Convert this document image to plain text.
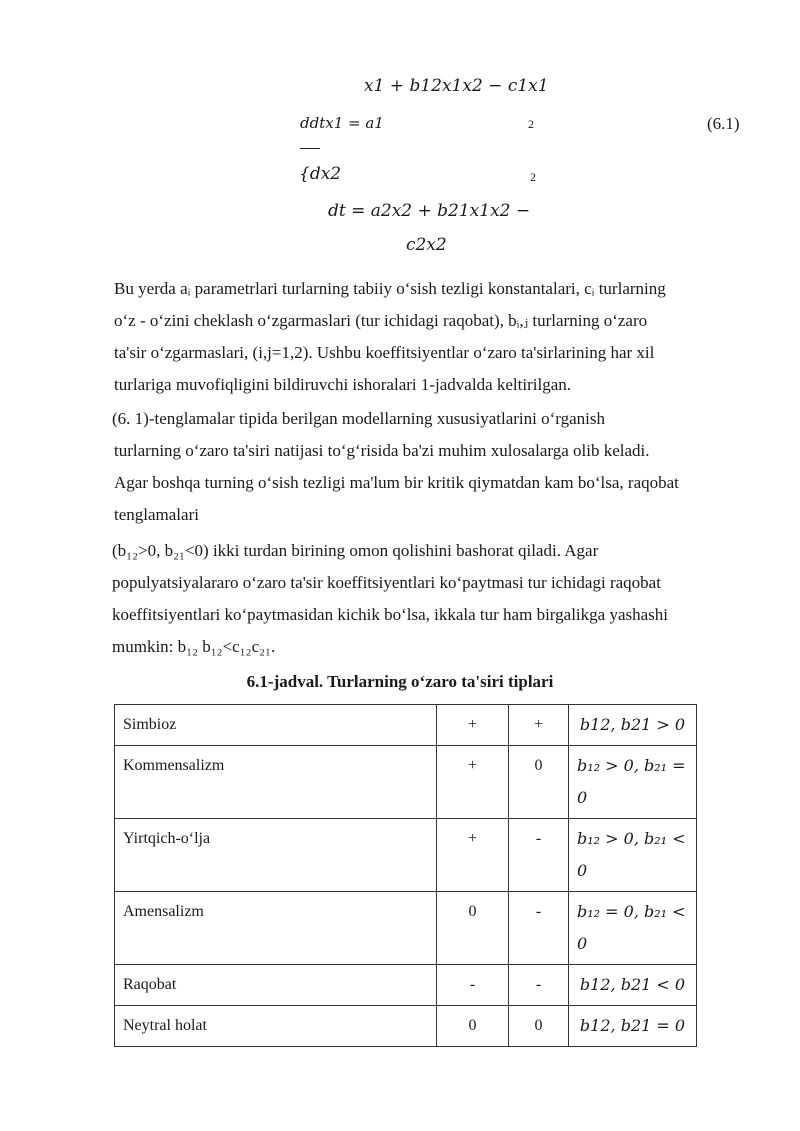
x1 + b12x1x2 − c1x1
ddtx1 = a1	2	(6.1)
{dx2	2
dt = a2x2 + b21x1x2 −
c2x2
Bu yerda aᵢ parametrlari turlarning tabiiy o‘sish tezligi konstantalari, cᵢ turlarning
o‘z - o‘zini cheklash o‘zgarmaslari (tur ichidagi raqobat), bᵢ,ⱼ turlarning o‘zaro
ta'sir o‘zgarmaslari, (i,j=1,2). Ushbu koeffitsiyentlar o‘zaro ta'sirlarining har xil
turlariga muvofiqligini bildiruvchi ishoralari 1-jadvalda keltirilgan.
(6. 1)-tenglamalar tipida berilgan modellarning xususiyatlarini o‘rganish
turlarning o‘zaro ta'siri natijasi to‘g‘risida ba'zi muhim xulosalarga olib keladi.
Agar boshqa turning o‘sish tezligi ma'lum bir kritik qiymatdan kam bo‘lsa, raqobat
tenglamalari
(b₁₂>0, b₂₁<0) ikki turdan birining omon qolishini bashorat qiladi. Agar
populyatsiyalararo o‘zaro ta'sir koeffitsiyentlari ko‘paytmasi tur ichidagi raqobat
koeffitsiyentlari ko‘paytmasidan kichik bo‘lsa, ikkala tur ham birgalikga yashashi
mumkin: b₁₂ b₁₂<c₁₂c₂₁.
6.1-jadval. Turlarning o‘zaro ta'siri tiplari
Simbioz	+	+	b12, b21 > 0
Kommensalizm	+	0	b₁₂ > 0, b₂₁ =
0

Yirtqich-o‘lja	+	-	b₁₂ > 0, b₂₁ <
0

Amensalizm	0	-	b₁₂ = 0, b₂₁ <
0

Raqobat	-	-	b12, b21 < 0
Neytral holat	0	0	b12, b21 = 0
